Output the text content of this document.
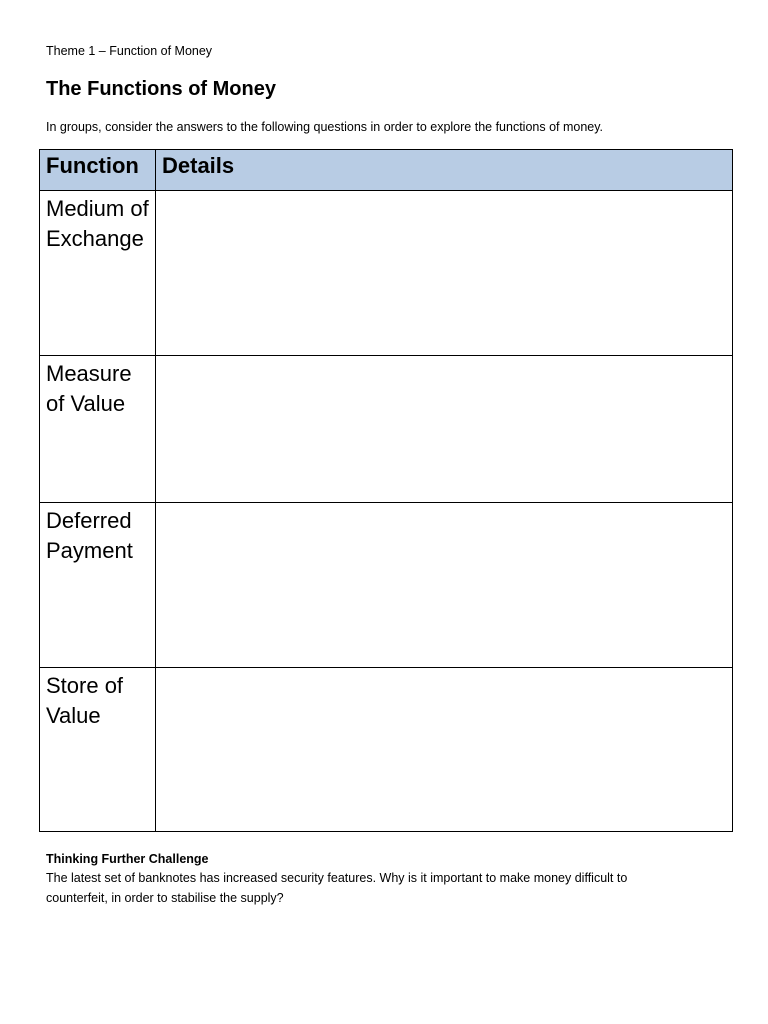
Theme 1 – Function of Money
The Functions of Money
In groups, consider the answers to the following questions in order to explore the functions of money.
Function	Details

Medium of Exchange	

Measure of Value	

Deferred Payment	

Store of Value	

Thinking Further Challenge
The latest set of banknotes has increased security features. Why is it important to make money difficult to counterfeit, in order to stabilise the supply?
